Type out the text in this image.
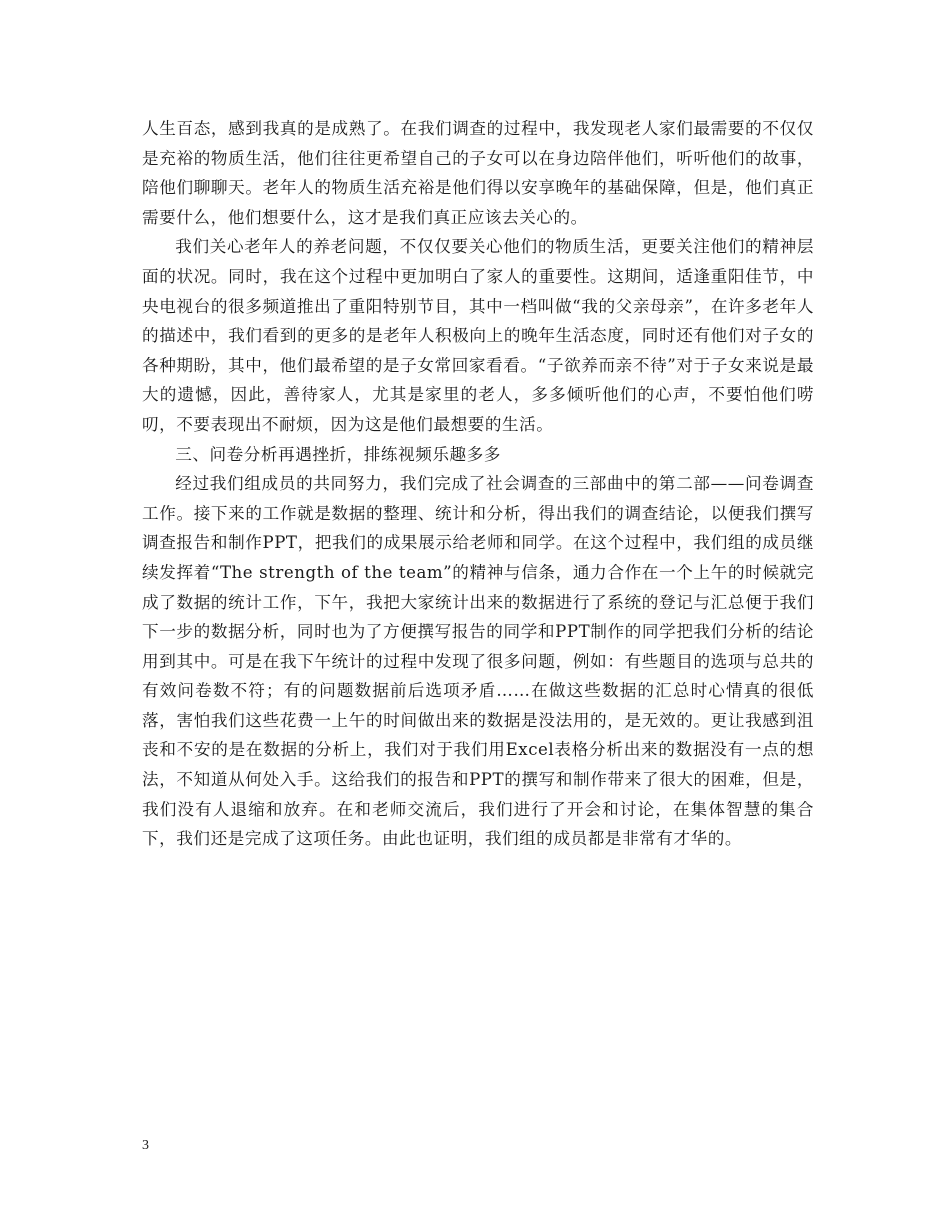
人生百态，感到我真的是成熟了。在我们调查的过程中，我发现老人家们最需要的不仅仅是充裕的物质生活，他们往往更希望自己的子女可以在身边陪伴他们，听听他们的故事，陪他们聊聊天。老年人的物质生活充裕是他们得以安享晚年的基础保障，但是，他们真正需要什么，他们想要什么，这才是我们真正应该去关心的。

我们关心老年人的养老问题，不仅仅要关心他们的物质生活，更要关注他们的精神层面的状况。同时，我在这个过程中更加明白了家人的重要性。这期间，适逢重阳佳节，中央电视台的很多频道推出了重阳特别节目，其中一档叫做“我的父亲母亲”，在许多老年人的描述中，我们看到的更多的是老年人积极向上的晚年生活态度，同时还有他们对子女的各种期盼，其中，他们最希望的是子女常回家看看。“子欲养而亲不待”对于子女来说是最大的遗憾，因此，善待家人，尤其是家里的老人，多多倾听他们的心声，不要怕他们唠叨，不要表现出不耐烦，因为这是他们最想要的生活。

三、问卷分析再遇挫折，排练视频乐趣多多

经过我们组成员的共同努力，我们完成了社会调查的三部曲中的第二部——问卷调查工作。接下来的工作就是数据的整理、统计和分析，得出我们的调查结论，以便我们撰写调查报告和制作PPT，把我们的成果展示给老师和同学。在这个过程中，我们组的成员继续发挥着“The strength of the team”的精神与信条，通力合作在一个上午的时候就完成了数据的统计工作，下午，我把大家统计出来的数据进行了系统的登记与汇总便于我们下一步的数据分析，同时也为了方便撰写报告的同学和PPT制作的同学把我们分析的结论用到其中。可是在我下午统计的过程中发现了很多问题，例如：有些题目的选项与总共的有效问卷数不符；有的问题数据前后选项矛盾……在做这些数据的汇总时心情真的很低落，害怕我们这些花费一上午的时间做出来的数据是没法用的，是无效的。更让我感到沮丧和不安的是在数据的分析上，我们对于我们用Excel表格分析出来的数据没有一点的想法，不知道从何处入手。这给我们的报告和PPT的撰写和制作带来了很大的困难，但是，我们没有人退缩和放弃。在和老师交流后，我们进行了开会和讨论，在集体智慧的集合下，我们还是完成了这项任务。由此也证明，我们组的成员都是非常有才华的。

3
